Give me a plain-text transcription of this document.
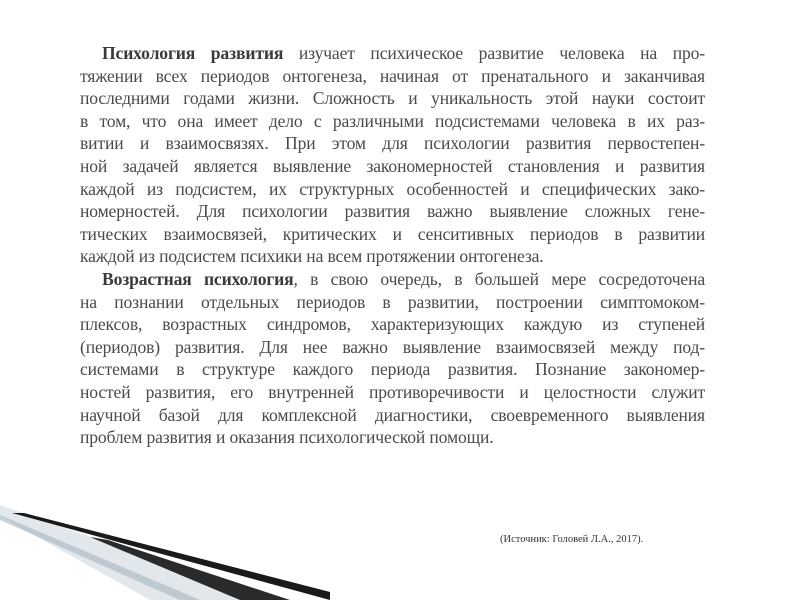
Психология развития изучает психическое развитие человека на про-
тяжении всех периодов онтогенеза, начиная от пренатального и заканчивая
последними годами жизни. Сложность и уникальность этой науки состоит
в том, что она имеет дело с различными подсистемами человека в их раз-
витии и взаимосвязях. При этом для психологии развития первостепен-
ной задачей является выявление закономерностей становления и развития
каждой из подсистем, их структурных особенностей и специфических зако-
номерностей. Для психологии развития важно выявление сложных гене-
тических взаимосвязей, критических и сенситивных периодов в развитии
каждой из подсистем психики на всем протяжении онтогенеза.
Возрастная психология, в свою очередь, в большей мере сосредоточена
на познании отдельных периодов в развитии, построении симптомоком-
плексов, возрастных синдромов, характеризующих каждую из ступеней
(периодов) развития. Для нее важно выявление взаимосвязей между под-
системами в структуре каждого периода развития. Познание закономер-
ностей развития, его внутренней противоречивости и целостности служит
научной базой для комплексной диагностики, своевременного выявления
проблем развития и оказания психологической помощи.
(Источник: Головей Л.А., 2017).
